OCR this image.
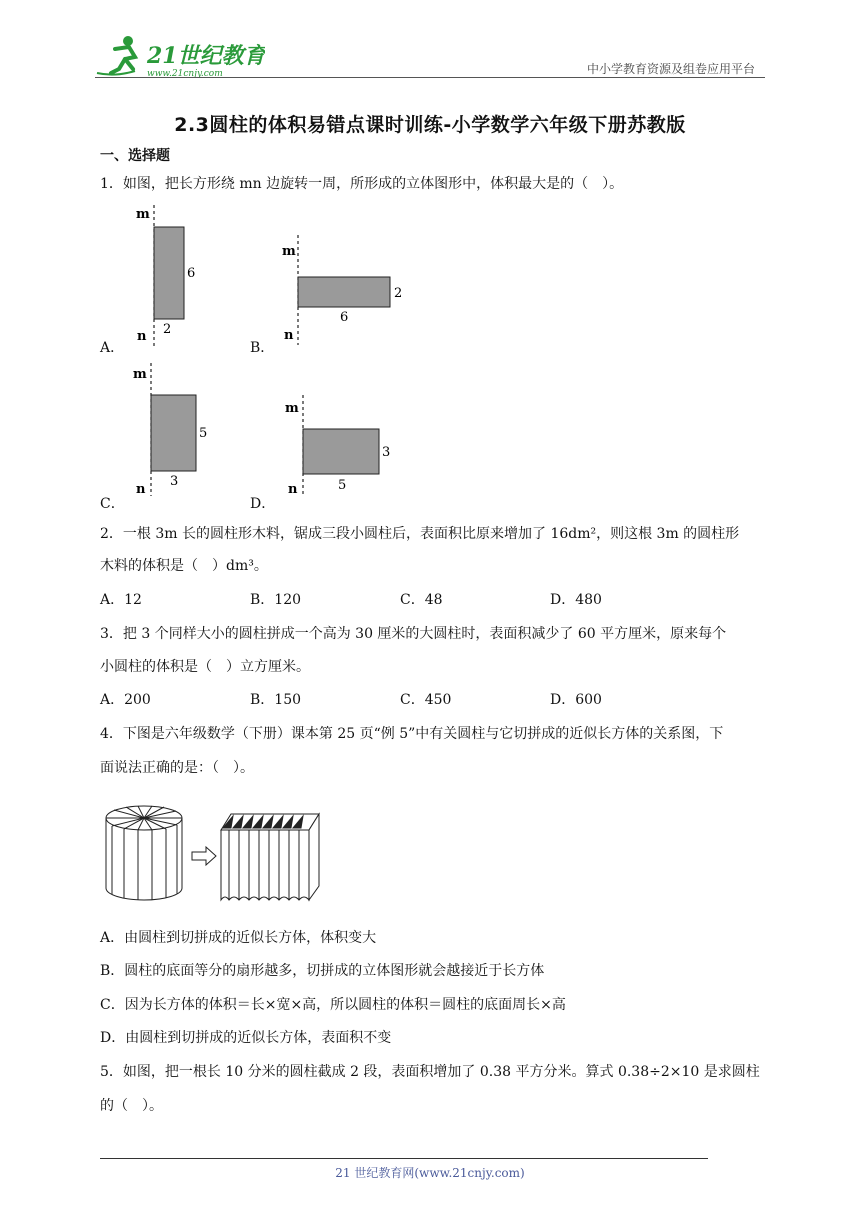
21世纪教育
www.21cnjy.com	中小学教育资源及组卷应用平台
2.3圆柱的体积易错点课时训练-小学数学六年级下册苏教版
一、选择题
1．如图，把长方形绕 mn 边旋转一周，所形成的立体图形中，体积最大是的（　）。
m
n
6
2
A．
m
n
2
6
B．
m
n
5
3
C．
m
n
3
5
D．
2．一根 3m 长的圆柱形木料，锯成三段小圆柱后，表面积比原来增加了 16dm²，则这根 3m 的圆柱形
木料的体积是（　）dm³。
A．12	B．120	C．48	D．480
3．把 3 个同样大小的圆柱拼成一个高为 30 厘米的大圆柱时，表面积减少了 60 平方厘米，原来每个
小圆柱的体积是（　）立方厘米。
A．200	B．150	C．450	D．600
4．下图是六年级数学（下册）课本第 25 页“例 5”中有关圆柱与它切拼成的近似长方体的关系图，下
面说法正确的是：（　）。
A．由圆柱到切拼成的近似长方体，体积变大
B．圆柱的底面等分的扇形越多，切拼成的立体图形就会越接近于长方体
C．因为长方体的体积＝长×宽×高，所以圆柱的体积＝圆柱的底面周长×高
D．由圆柱到切拼成的近似长方体，表面积不变
5．如图，把一根长 10 分米的圆柱截成 2 段，表面积增加了 0.38 平方分米。算式 0.38÷2×10 是求圆柱
的（　）。
21 世纪教育网(www.21cnjy.com)
